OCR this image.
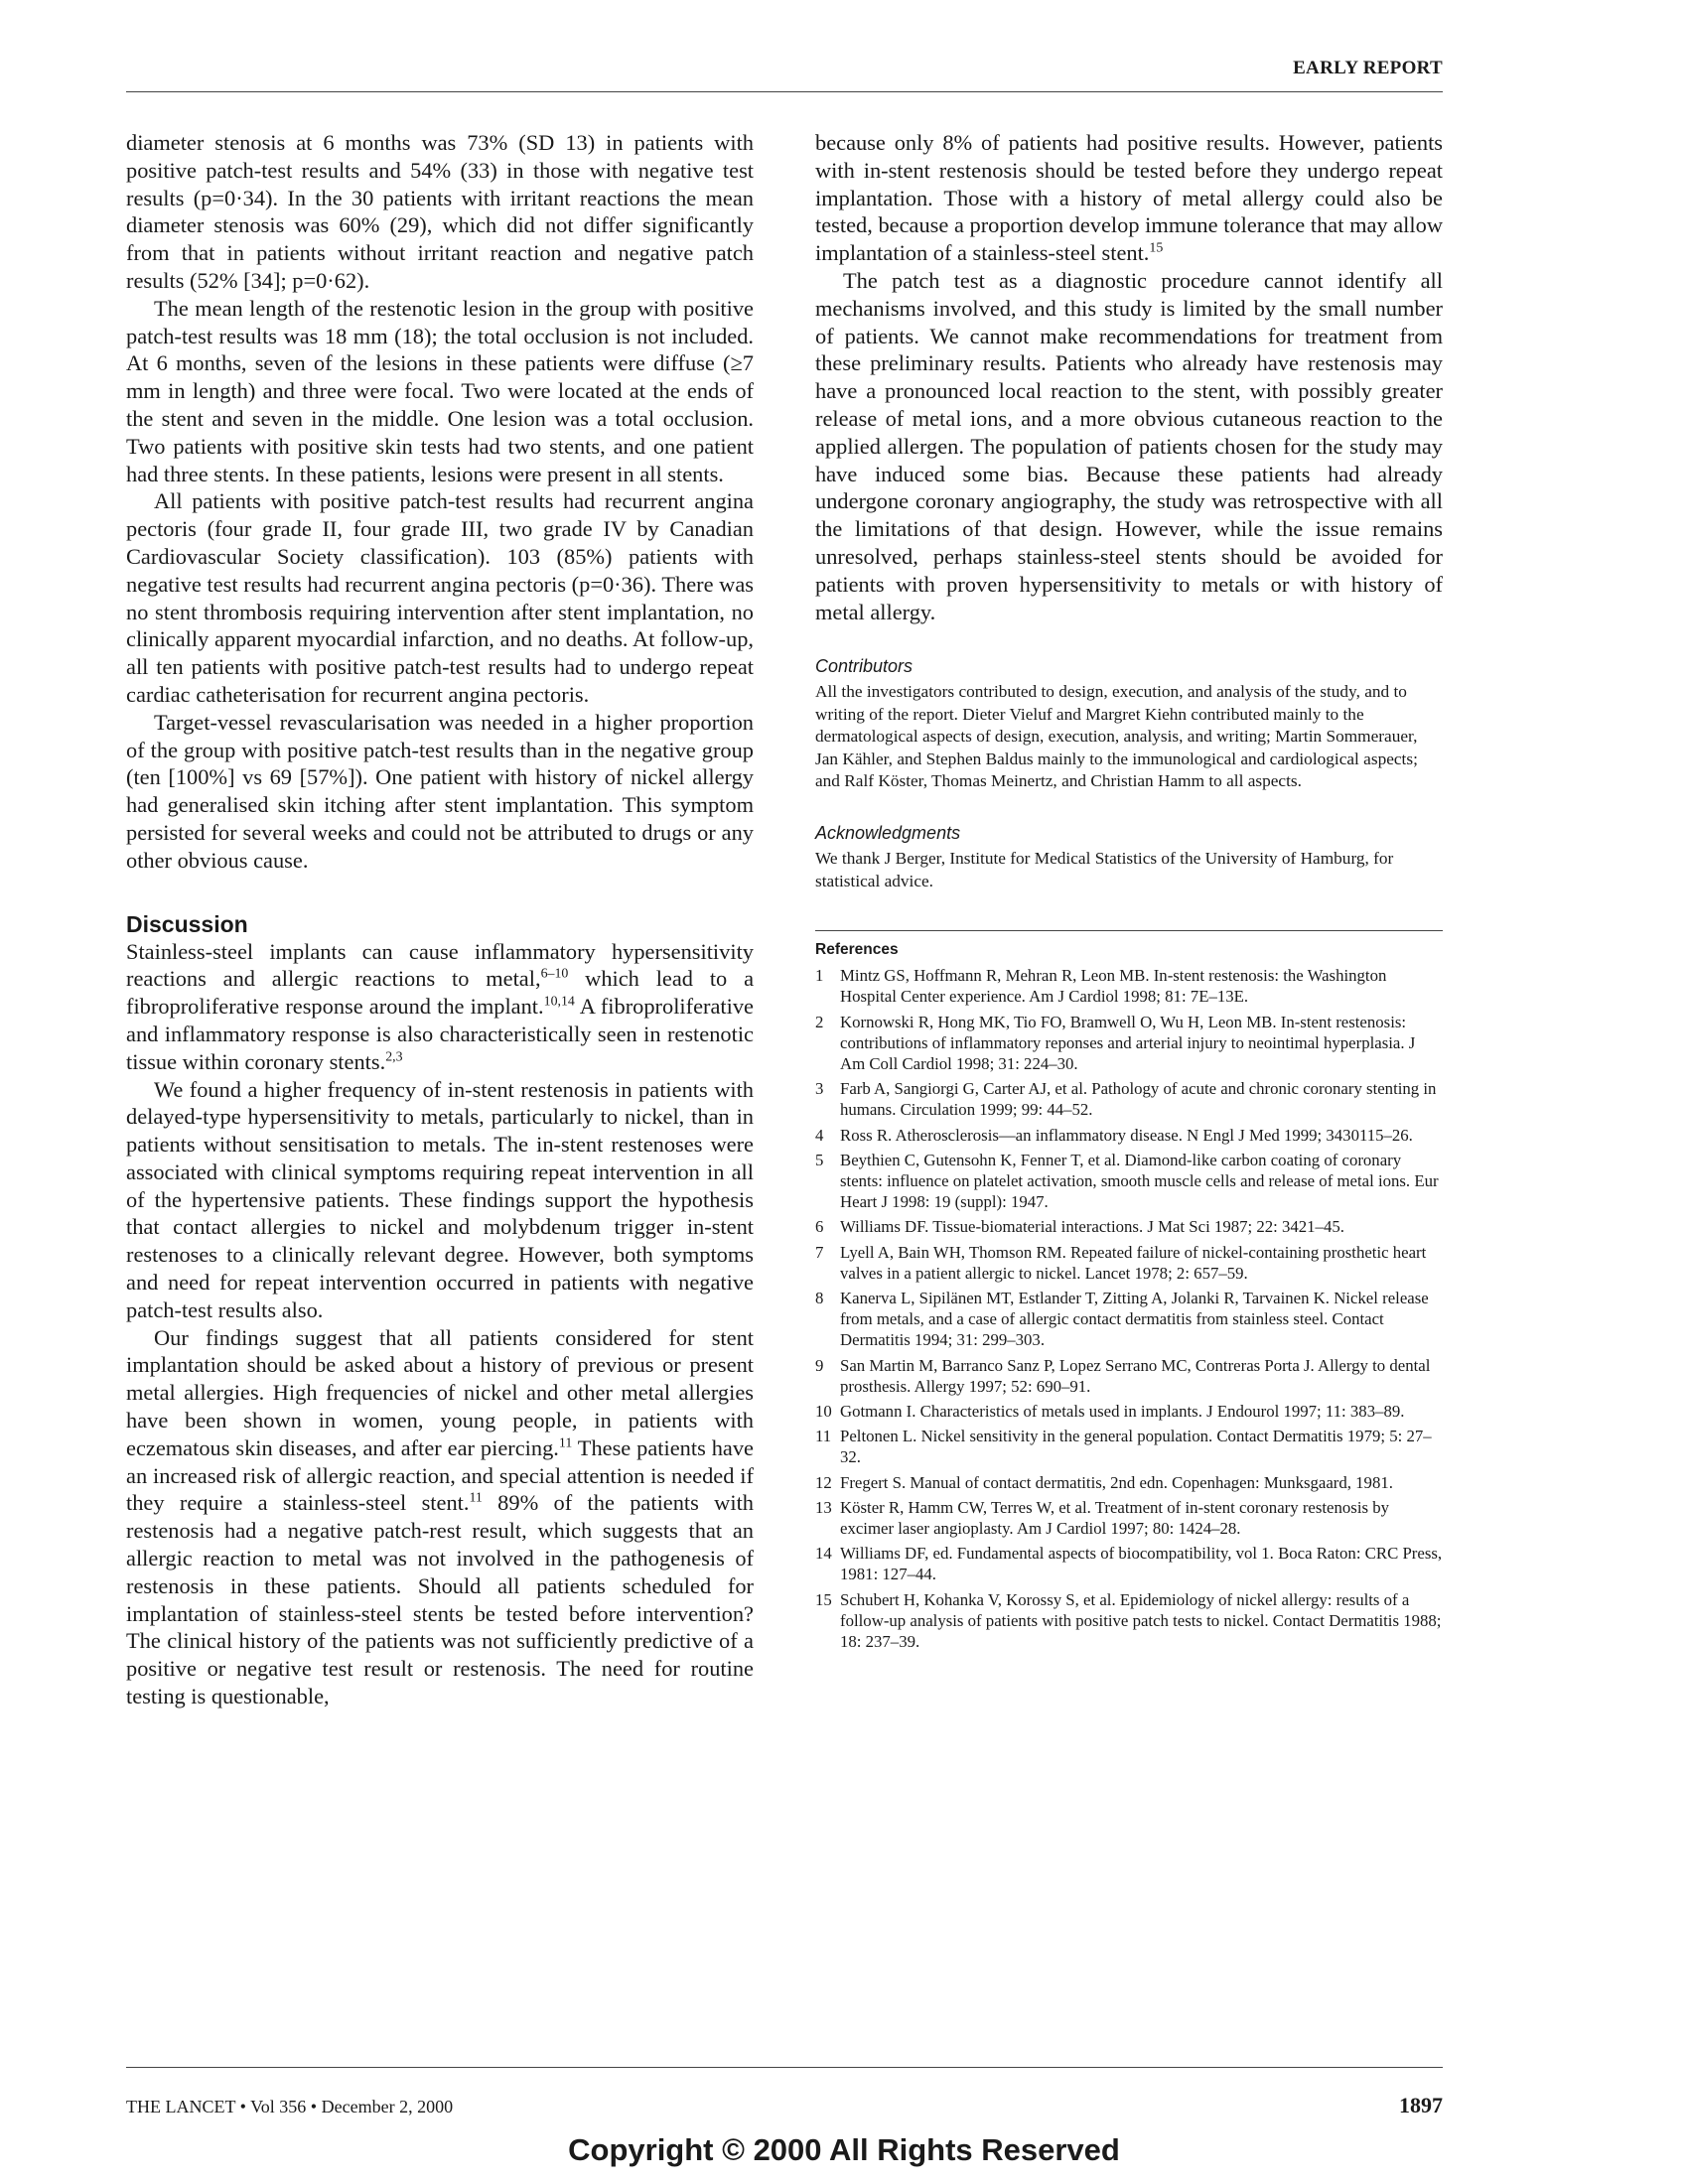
EARLY REPORT

diameter stenosis at 6 months was 73% (SD 13) in patients with positive patch-test results and 54% (33) in those with negative test results (p=0·34). In the 30 patients with irritant reactions the mean diameter stenosis was 60% (29), which did not differ significantly from that in patients without irritant reaction and negative patch results (52% [34]; p=0·62).

The mean length of the restenotic lesion in the group with positive patch-test results was 18 mm (18); the total occlusion is not included. At 6 months, seven of the lesions in these patients were diffuse (≥7 mm in length) and three were focal. Two were located at the ends of the stent and seven in the middle. One lesion was a total occlusion. Two patients with positive skin tests had two stents, and one patient had three stents. In these patients, lesions were present in all stents.

All patients with positive patch-test results had recurrent angina pectoris (four grade II, four grade III, two grade IV by Canadian Cardiovascular Society classification). 103 (85%) patients with negative test results had recurrent angina pectoris (p=0·36). There was no stent thrombosis requiring intervention after stent implantation, no clinically apparent myocardial infarction, and no deaths. At follow-up, all ten patients with positive patch-test results had to undergo repeat cardiac catheterisation for recurrent angina pectoris.

Target-vessel revascularisation was needed in a higher proportion of the group with positive patch-test results than in the negative group (ten [100%] vs 69 [57%]). One patient with history of nickel allergy had generalised skin itching after stent implantation. This symptom persisted for several weeks and could not be attributed to drugs or any other obvious cause.

Discussion

Stainless-steel implants can cause inflammatory hypersensitivity reactions and allergic reactions to metal,$^{6-10}$ which lead to a fibroproliferative response around the implant.$^{10,14}$ A fibroproliferative and inflammatory response is also characteristically seen in restenotic tissue within coronary stents.$^{2,3}$

We found a higher frequency of in-stent restenosis in patients with delayed-type hypersensitivity to metals, particularly to nickel, than in patients without sensitisation to metals. The in-stent restenoses were associated with clinical symptoms requiring repeat intervention in all of the hypertensive patients. These findings support the hypothesis that contact allergies to nickel and molybdenum trigger in-stent restenoses to a clinically relevant degree. However, both symptoms and need for repeat intervention occurred in patients with negative patch-test results also.

Our findings suggest that all patients considered for stent implantation should be asked about a history of previous or present metal allergies. High frequencies of nickel and other metal allergies have been shown in women, young people, in patients with eczematous skin diseases, and after ear piercing.$^{11}$ These patients have an increased risk of allergic reaction, and special attention is needed if they require a stainless-steel stent.$^{11}$ 89% of the patients with restenosis had a negative patch-rest result, which suggests that an allergic reaction to metal was not involved in the pathogenesis of restenosis in these patients. Should all patients scheduled for implantation of stainless-steel stents be tested before intervention? The clinical history of the patients was not sufficiently predictive of a positive or negative test result or restenosis. The need for routine testing is questionable,

because only 8% of patients had positive results. However, patients with in-stent restenosis should be tested before they undergo repeat implantation. Those with a history of metal allergy could also be tested, because a proportion develop immune tolerance that may allow implantation of a stainless-steel stent.$^{15}$

The patch test as a diagnostic procedure cannot identify all mechanisms involved, and this study is limited by the small number of patients. We cannot make recommendations for treatment from these preliminary results. Patients who already have restenosis may have a pronounced local reaction to the stent, with possibly greater release of metal ions, and a more obvious cutaneous reaction to the applied allergen. The population of patients chosen for the study may have induced some bias. Because these patients had already undergone coronary angiography, the study was retrospective with all the limitations of that design. However, while the issue remains unresolved, perhaps stainless-steel stents should be avoided for patients with proven hypersensitivity to metals or with history of metal allergy.

Contributors

All the investigators contributed to design, execution, and analysis of the study, and to writing of the report. Dieter Vieluf and Margret Kiehn contributed mainly to the dermatological aspects of design, execution, analysis, and writing; Martin Sommerauer, Jan Kähler, and Stephen Baldus mainly to the immunological and cardiological aspects; and Ralf Köster, Thomas Meinertz, and Christian Hamm to all aspects.

Acknowledgments

We thank J Berger, Institute for Medical Statistics of the University of Hamburg, for statistical advice.

References
1 Mintz GS, Hoffmann R, Mehran R, Leon MB. In-stent restenosis: the Washington Hospital Center experience. Am J Cardiol 1998; 81: 7E–13E.
2 Kornowski R, Hong MK, Tio FO, Bramwell O, Wu H, Leon MB. In-stent restenosis: contributions of inflammatory reponses and arterial injury to neointimal hyperplasia. J Am Coll Cardiol 1998; 31: 224–30.
3 Farb A, Sangiorgi G, Carter AJ, et al. Pathology of acute and chronic coronary stenting in humans. Circulation 1999; 99: 44–52.
4 Ross R. Atherosclerosis—an inflammatory disease. N Engl J Med 1999; 3430115–26.
5 Beythien C, Gutensohn K, Fenner T, et al. Diamond-like carbon coating of coronary stents: influence on platelet activation, smooth muscle cells and release of metal ions. Eur Heart J 1998: 19 (suppl): 1947.
6 Williams DF. Tissue-biomaterial interactions. J Mat Sci 1987; 22: 3421–45.
7 Lyell A, Bain WH, Thomson RM. Repeated failure of nickel-containing prosthetic heart valves in a patient allergic to nickel. Lancet 1978; 2: 657–59.
8 Kanerva L, Sipilänen MT, Estlander T, Zitting A, Jolanki R, Tarvainen K. Nickel release from metals, and a case of allergic contact dermatitis from stainless steel. Contact Dermatitis 1994; 31: 299–303.
9 San Martin M, Barranco Sanz P, Lopez Serrano MC, Contreras Porta J. Allergy to dental prosthesis. Allergy 1997; 52: 690–91.
10 Gotmann I. Characteristics of metals used in implants. J Endourol 1997; 11: 383–89.
11 Peltonen L. Nickel sensitivity in the general population. Contact Dermatitis 1979; 5: 27–32.
12 Fregert S. Manual of contact dermatitis, 2nd edn. Copenhagen: Munksgaard, 1981.
13 Köster R, Hamm CW, Terres W, et al. Treatment of in-stent coronary restenosis by excimer laser angioplasty. Am J Cardiol 1997; 80: 1424–28.
14 Williams DF, ed. Fundamental aspects of biocompatibility, vol 1. Boca Raton: CRC Press, 1981: 127–44.
15 Schubert H, Kohanka V, Korossy S, et al. Epidemiology of nickel allergy: results of a follow-up analysis of patients with positive patch tests to nickel. Contact Dermatitis 1988; 18: 237–39.
THE LANCET • Vol 356 • December 2, 2000	1897
Copyright © 2000 All Rights Reserved
